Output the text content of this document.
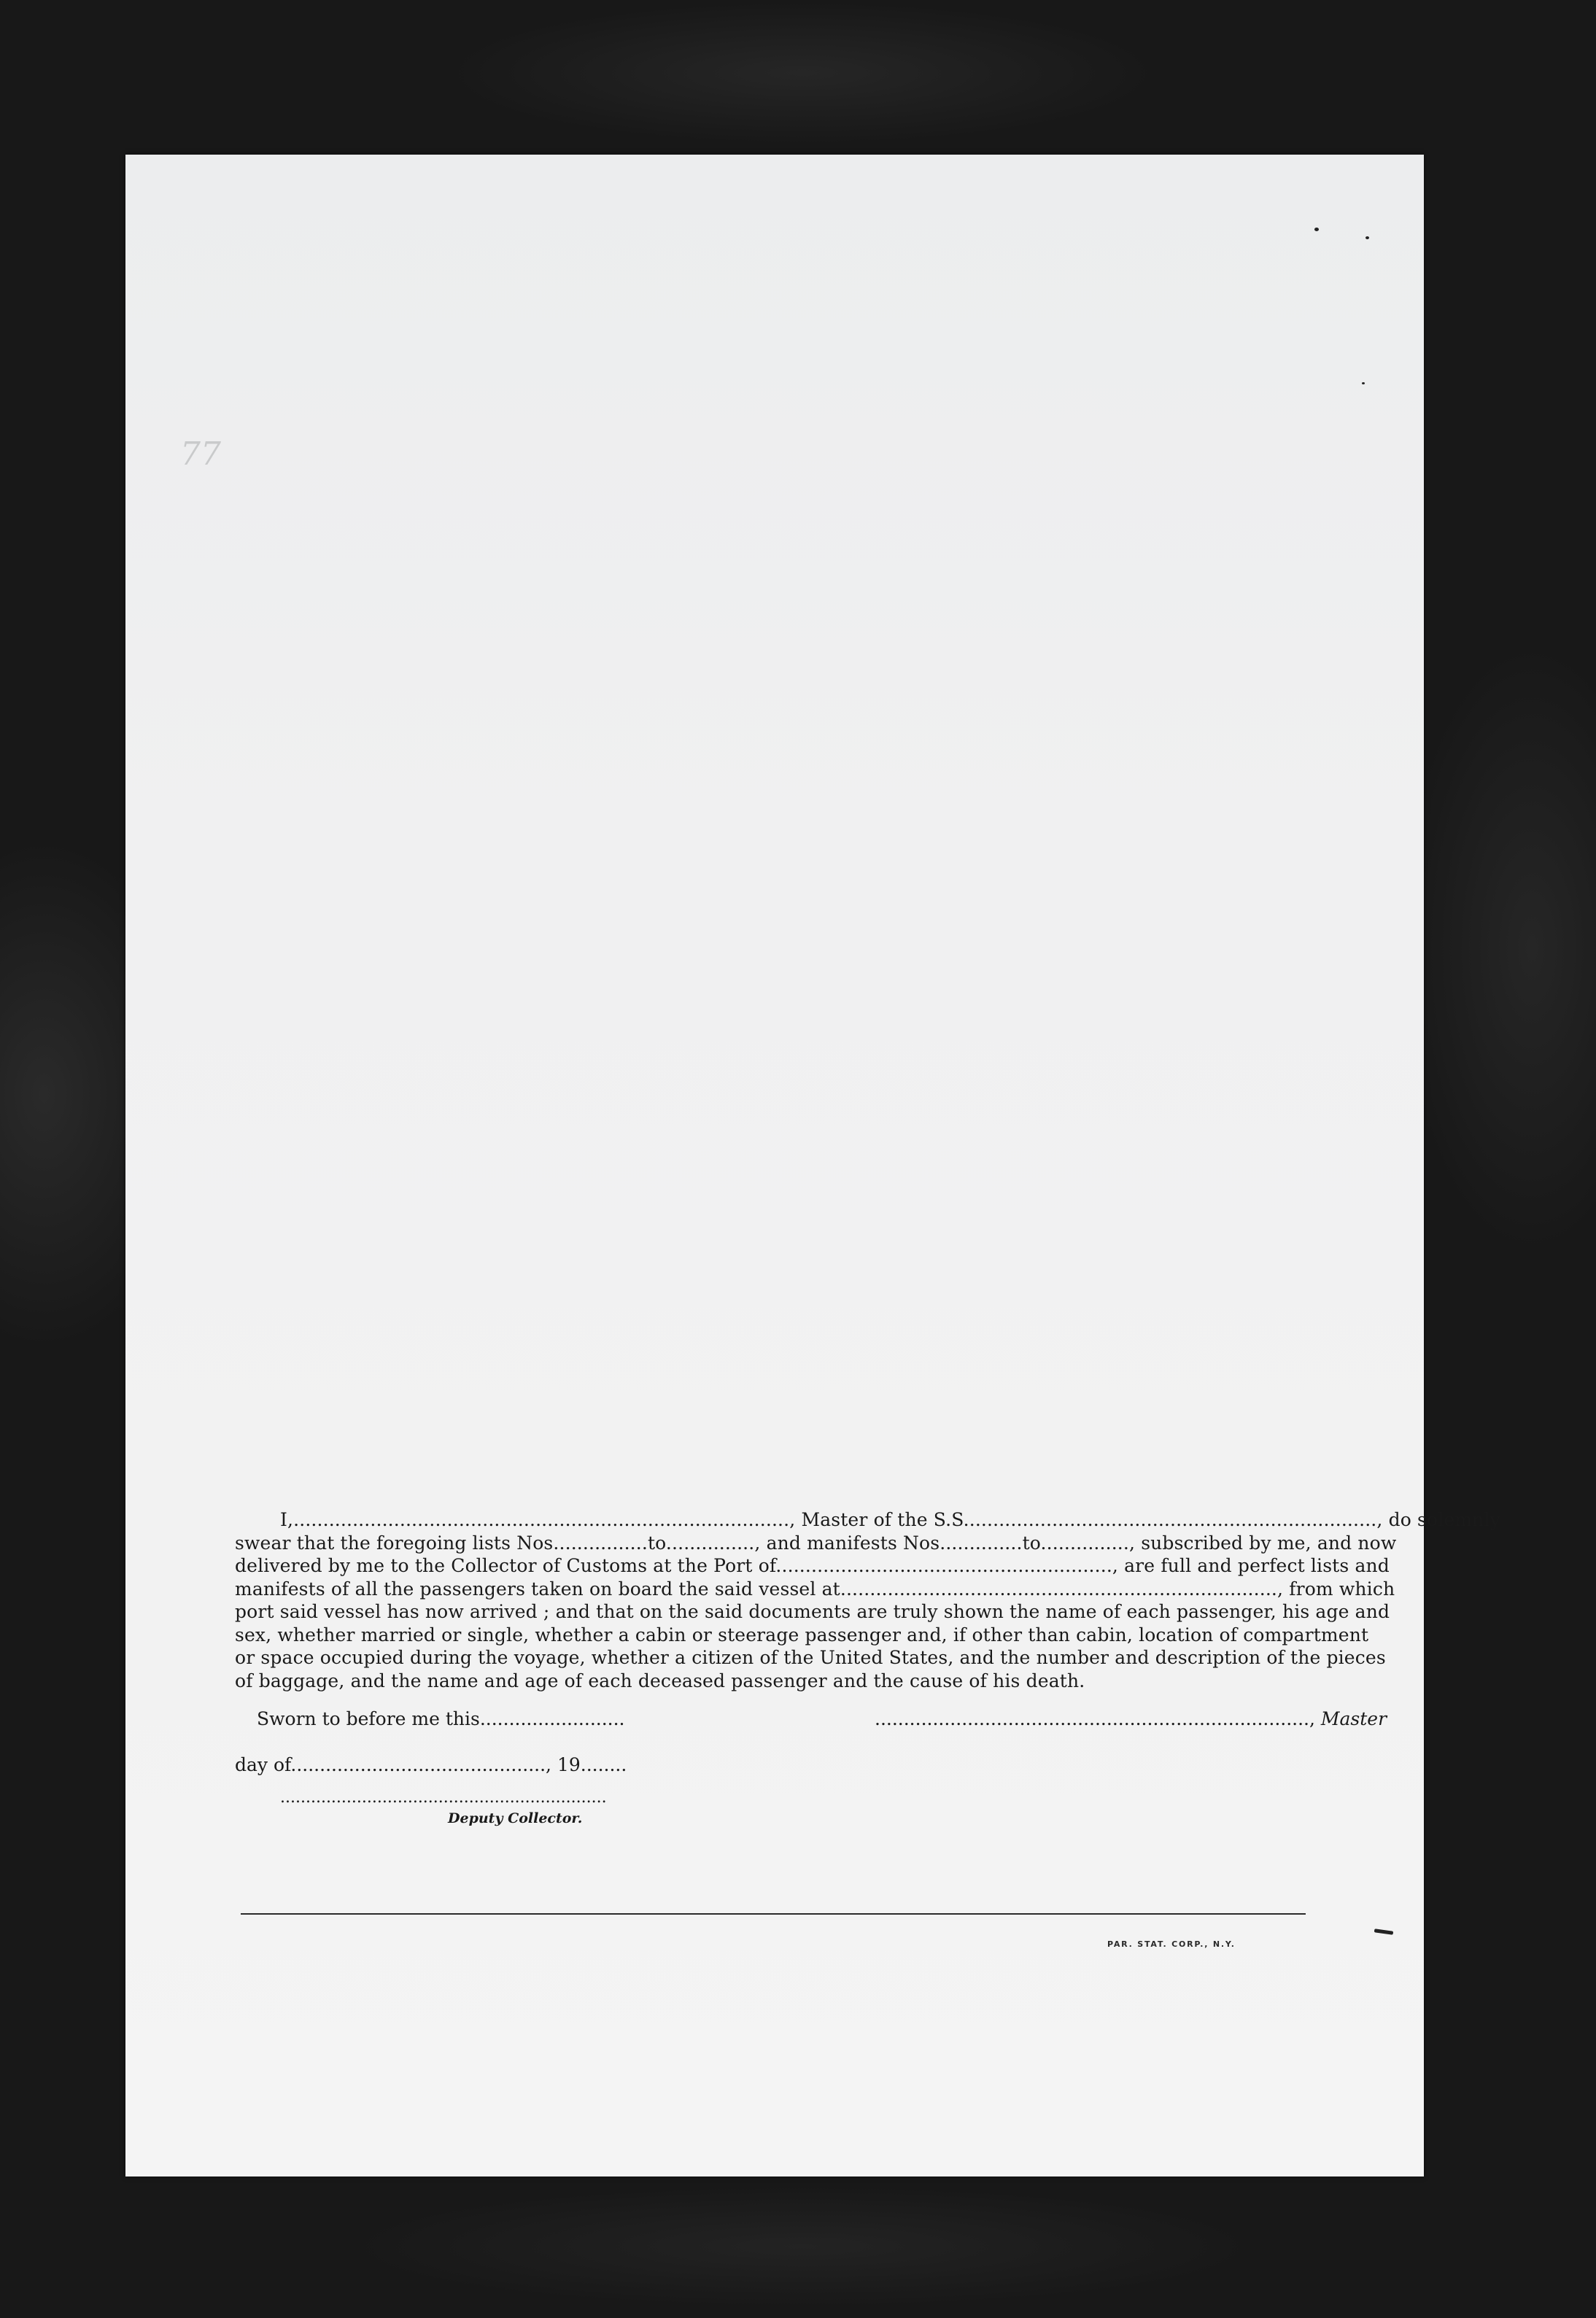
77
I,...................................................................................., Master of the S.S......................................................................, do solemnly
swear that the foregoing lists Nos................to..............., and manifests Nos..............to..............., subscribed by me, and now
delivered by me to the Collector of Customs at the Port of........................................................., are full and perfect lists and
manifests of all the passengers taken on board the said vessel at.........................................................................., from which
port said vessel has now arrived ; and that on the said documents are truly shown the name of each passenger, his age and
sex, whether married or single, whether a cabin or steerage passenger and, if other than cabin, location of compartment
or space occupied during the voyage, whether a citizen of the United States, and the number and description of the pieces
of baggage, and the name and age of each deceased passenger and the cause of his death.
Sworn to before me this.........................	..........................................................................., Master
day of............................................, 19........
................................................................
Deputy Collector.
PAR. STAT. CORP., N.Y.
